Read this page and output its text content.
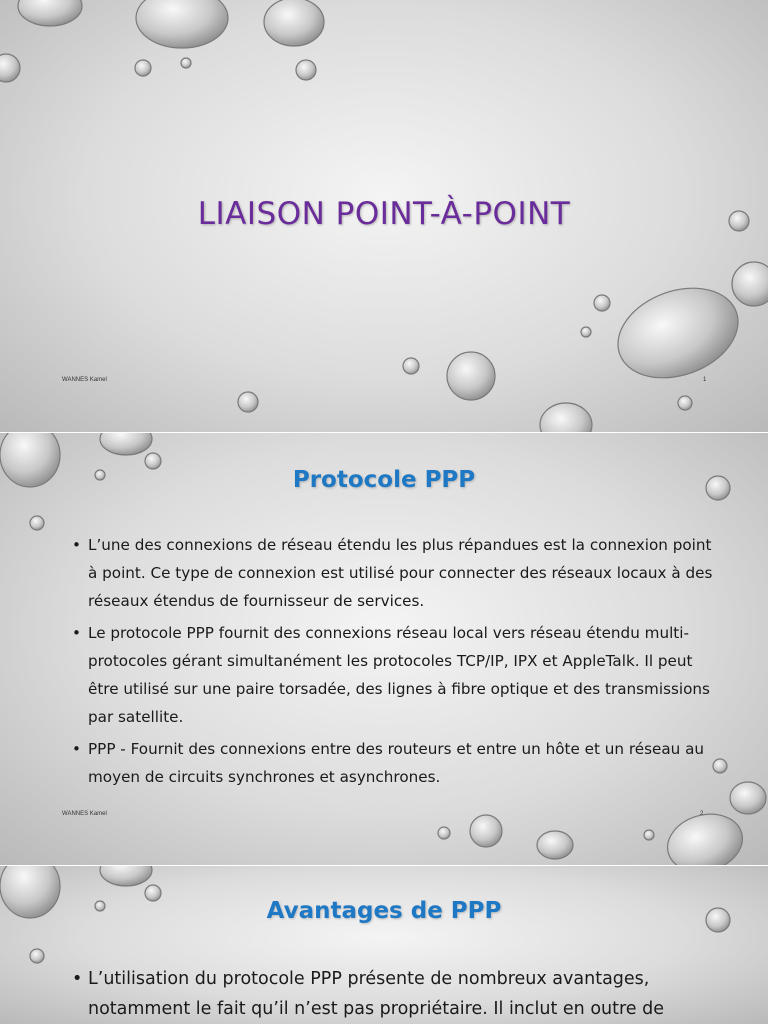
LIAISON POINT-À-POINT
WANNES Kamel	1
Protocole PPP
• L’une des connexions de réseau étendu les plus répandues est la connexion point à point. Ce type de connexion est utilisé pour connecter des réseaux locaux à des réseaux étendus de fournisseur de services.
• Le protocole PPP fournit des connexions réseau local vers réseau étendu multi-protocoles gérant simultanément les protocoles TCP/IP, IPX et AppleTalk. Il peut être utilisé sur une paire torsadée, des lignes à fibre optique et des transmissions par satellite.
• PPP - Fournit des connexions entre des routeurs et entre un hôte et un réseau au moyen de circuits synchrones et asynchrones.
WANNES Kamel	2
Avantages de PPP
• L’utilisation du protocole PPP présente de nombreux avantages, notamment le fait qu’il n’est pas propriétaire. Il inclut en outre de
